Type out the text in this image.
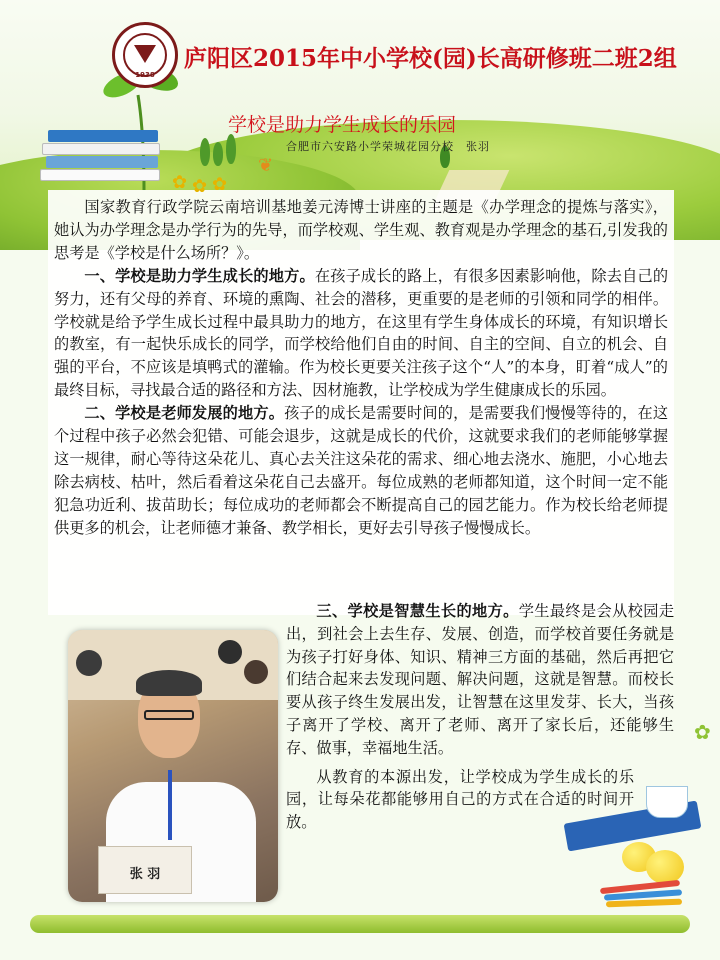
❦
1938
庐阳区2015年中小学校(园)长高研修班二班2组
学校是助力学生成长的乐园
合肥市六安路小学荣城花园分校　张羽

国家教育行政学院云南培训基地姜元涛博士讲座的主题是《办学理念的提炼与落实》，她认为办学理念是办学行为的先导，而学校观、学生观、教育观是办学理念的基石,引发我的思考是《学校是什么场所？》。

一、学校是助力学生成长的地方。在孩子成长的路上，有很多因素影响他，除去自己的努力，还有父母的养育、环境的熏陶、社会的潜移，更重要的是老师的引领和同学的相伴。学校就是给予学生成长过程中最具助力的地方，在这里有学生身体成长的环境，有知识增长的教室，有一起快乐成长的同学，而学校给他们自由的时间、自主的空间、自立的机会、自强的平台，不应该是填鸭式的灌输。作为校长更要关注孩子这个“人”的本身，盯着“成人”的最终目标，寻找最合适的路径和方法、因材施教，让学校成为学生健康成长的乐园。

二、学校是老师发展的地方。孩子的成长是需要时间的，是需要我们慢慢等待的，在这个过程中孩子必然会犯错、可能会退步，这就是成长的代价，这就要求我们的老师能够掌握这一规律，耐心等待这朵花儿、真心去关注这朵花的需求、细心地去浇水、施肥，小心地去除去病枝、枯叶，然后看着这朵花自己去盛开。每位成熟的老师都知道，这个时间一定不能犯急功近利、拔苗助长；每位成功的老师都会不断提高自己的园艺能力。作为校长给老师提供更多的机会，让老师德才兼备、教学相长，更好去引导孩子慢慢成长。

张 羽

三、学校是智慧生长的地方。学生最终是会从校园走出，到社会上去生存、发展、创造，而学校首要任务就是为孩子打好身体、知识、精神三方面的基础，然后再把它们结合起来去发现问题、解决问题，这就是智慧。而校长要从孩子终生发展出发，让智慧在这里发芽、长大，当孩子离开了学校、离开了老师、离开了家长后，还能够生存、做事，幸福地生活。

从教育的本源出发，让学校成为学生成长的乐园，让每朵花都能够用自己的方式在合适的时间开放。

✿
✿ ✿ ✿
